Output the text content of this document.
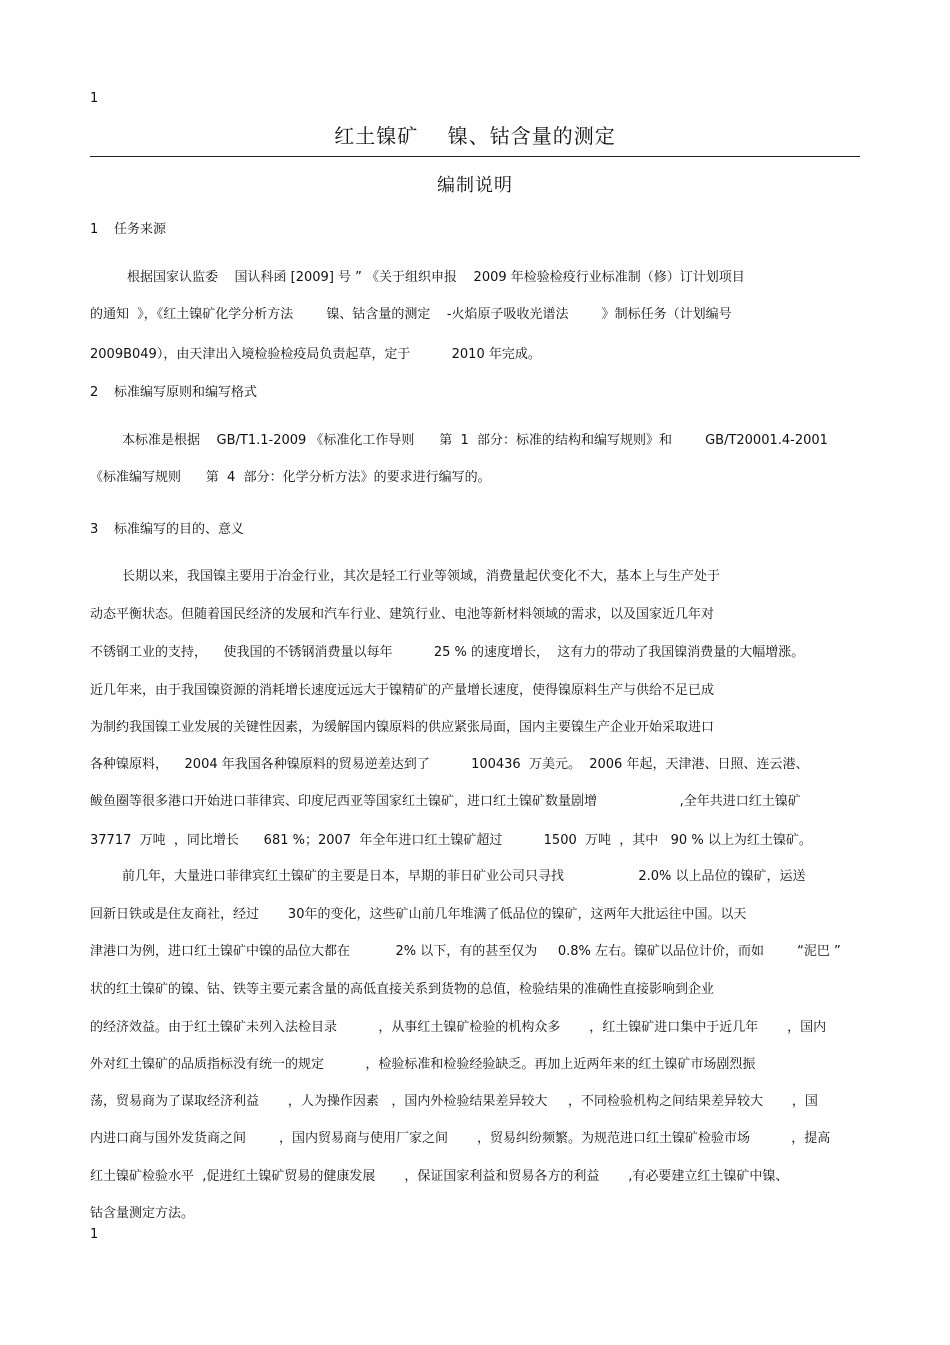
1
1
红土镍矿    镍、钴含量的测定
编制说明
1 任务来源
根据国家认监委    国认科函 [2009] 号 ” 《关于组织申报    2009 年检验检疫行业标准制（修）订计划项目
的通知  》，《红土镍矿化学分析方法        镍、钴含量的测定    -火焰原子吸收光谱法        》制标任务（计划编号
2009B049），由天津出入境检验检疫局负责起草，定于          2010 年完成。
2 标准编写原则和编写格式
本标准是根据    GB/T1.1-2009 《标准化工作导则      第  1  部分：标准的结构和编写规则》和        GB/T20001.4-2001
《标准编写规则      第  4  部分：化学分析方法》的要求进行编写的。
3 标准编写的目的、意义
长期以来，我国镍主要用于冶金行业，其次是轻工行业等领域，消费量起伏变化不大，基本上与生产处于
动态平衡状态。但随着国民经济的发展和汽车行业、建筑行业、电池等新材料领域的需求，以及国家近几年对
不锈钢工业的支持，    使我国的不锈钢消费量以每年          25 % 的速度增长，  这有力的带动了我国镍消费量的大幅增涨。
近几年来，由于我国镍资源的消耗增长速度远远大于镍精矿的产量增长速度，使得镍原料生产与供给不足已成
为制约我国镍工业发展的关键性因素，为缓解国内镍原料的供应紧张局面，国内主要镍生产企业开始采取进口
各种镍原料，    2004 年我国各种镍原料的贸易逆差达到了          100436  万美元。  2006 年起，天津港、日照、连云港、
鲅鱼圈等很多港口开始进口菲律宾、印度尼西亚等国家红土镍矿，进口红土镍矿数量剧增                    ,全年共进口红土镍矿
37717  万吨  ，同比增长      681 %；2007  年全年进口红土镍矿超过          1500  万吨  ，其中   90 % 以上为红土镍矿。
前几年，大量进口菲律宾红土镍矿的主要是日本，早期的菲日矿业公司只寻找                  2.0% 以上品位的镍矿，运送
回新日铁或是住友商社，经过       30年的变化，这些矿山前几年堆满了低品位的镍矿，这两年大批运往中国。以天
津港口为例，进口红土镍矿中镍的品位大都在           2% 以下，有的甚至仅为     0.8% 左右。镍矿以品位计价，而如        “泥巴 ”
状的红土镍矿的镍、钴、铁等主要元素含量的高低直接关系到货物的总值，检验结果的准确性直接影响到企业
的经济效益。由于红土镍矿未列入法检目录          ，从事红土镍矿检验的机构众多       ，红土镍矿进口集中于近几年       ，国内
外对红土镍矿的品质指标没有统一的规定          ，检验标准和检验经验缺乏。再加上近两年来的红土镍矿市场剧烈振
荡，贸易商为了谋取经济利益       ，人为操作因素   ，国内外检验结果差异较大     ，不同检验机构之间结果差异较大       ，国
内进口商与国外发货商之间        ，国内贸易商与使用厂家之间       ，贸易纠纷频繁。为规范进口红土镍矿检验市场          ，提高
红土镍矿检验水平  ,促进红土镍矿贸易的健康发展       ，保证国家利益和贸易各方的利益       ,有必要建立红土镍矿中镍、
钴含量测定方法。
